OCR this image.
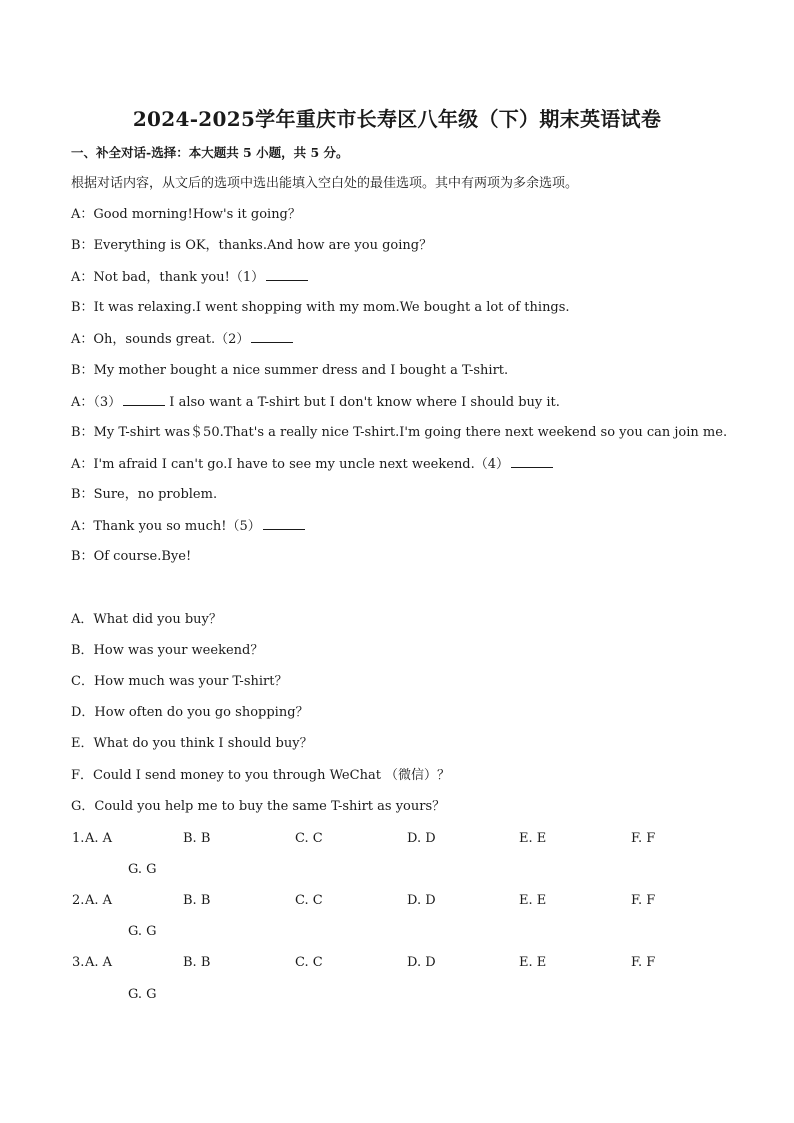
2024-2025学年重庆市长寿区八年级（下）期末英语试卷
一、补全对话-选择：本大题共 5 小题，共 5 分。
根据对话内容，从文后的选项中选出能填入空白处的最佳选项。其中有两项为多余选项。
A：Good morning!How's it going？
B：Everything is OK，thanks.And how are you going？
A：Not bad，thank you!（1）
B：It was relaxing.I went shopping with my mom.We bought a lot of things.
A：Oh，sounds great.（2）
B：My mother bought a nice summer dress and I bought a T-shirt.
A：（3）	I also want a T-shirt but I don't know where I should buy it.
B：My T-shirt was＄50.That's a really nice T-shirt.I'm going there next weekend so you can join me.
A：I'm afraid I can't go.I have to see my uncle next weekend.（4）
B：Sure，no problem.
A：Thank you so much!（5）
B：Of course.Bye!
A．What did you buy？
B．How was your weekend？
C．How much was your T-shirt？
D．How often do you go shopping？
E．What do you think I should buy？
F．Could I send money to you through WeChat （微信）？
G．Could you help me to buy the same T-shirt as yours？
1. A. A	B. B	C. C	D. D	E. E	F. F
G. G
2. A. A	B. B	C. C	D. D	E. E	F. F
G. G
3. A. A	B. B	C. C	D. D	E. E	F. F
G. G
